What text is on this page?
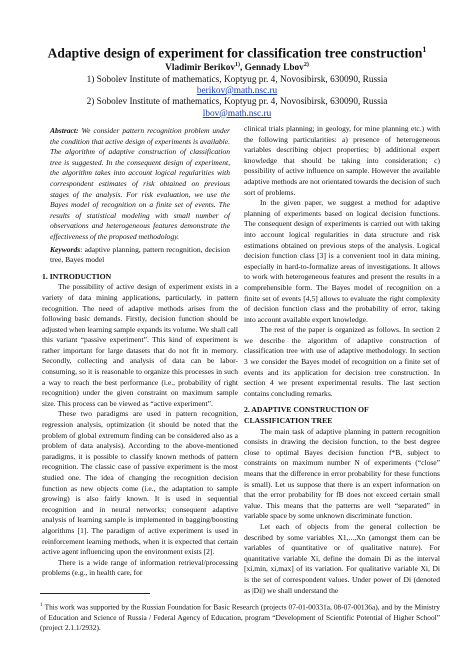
Adaptive design of experiment for classification tree construction$^1$
Vladimir Berikov$^{1)}$, Gennady Lbov$^{2)}$
1) Sobolev Institute of mathematics, Koptyug pr. 4, Novosibirsk, 630090, Russia
berikov@math.nsc.ru
2) Sobolev Institute of mathematics, Koptyug pr. 4, Novosibirsk, 630090, Russia
lbov@math.nsc.ru
Abstract: We consider pattern recognition problem under the condition that active design of experiments is available. The algorithm of adaptive construction of classification tree is suggested. In the consequent design of experiment, the algorithm takes into account logical regularities with correspondent estimates of risk obtained on previous stages of the analysis. For risk evaluation, we use the Bayes model of recognition on a finite set of events. The results of statistical modeling with small number of observations and heterogeneous features demonstrate the effectiveness of the proposed methodology.
Keywords: adaptive planning, pattern recognition, decision tree, Bayes model
1. INTRODUCTION
The possibility of active design of experiment exists in a variety of data mining applications, particularly, in pattern recognition. The need of adaptive methods arises from the following basic demands. Firstly, decision function should be adjusted when learning sample expands its volume. We shall call this variant “passive experiment”. This kind of experiment is rather important for large datasets that do not fit in memory. Secondly, collecting and analysis of data can be labor-consuming, so it is reasonable to organize this processes in such a way to reach the best performance (i.e., probability of right recognition) under the given constraint on maximum sample size. This process can be viewed as “active experiment”.
These two paradigms are used in pattern recognition, regression analysis, optimization (it should be noted that the problem of global extremum finding can be considered also as a problem of data analysis). According to the above-mentioned paradigms, it is possible to classify known methods of pattern recognition. The classic case of passive experiment is the most studied one. The idea of changing the recognition decision function as new objects come (i.e., the adaptation to sample growing) is also fairly known. It is used in sequential recognition and in neural networks; consequent adaptive analysis of learning sample is implemented in bagging/boosting algorithms [1]. The paradigm of active experiment is used in reinforcement learning methods, when it is expected that certain active agent influencing upon the environment exists [2].
There is a wide range of information retrieval/processing problems (e.g., in health care, for
clinical trials planning; in geology, for mine planning etc.) with the following particularities: a) presence of heterogeneous variables describing object properties; b) additional expert knowledge that should be taking into consideration; c) possibility of active influence on sample. However the available adaptive methods are not orientated towards the decision of such sort of problems.
In the given paper, we suggest a method for adaptive planning of experiments based on logical decision functions. The consequent design of experiments is carried out with taking into account logical regularities in data structure and risk estimations obtained on previous steps of the analysis. Logical decision function class [3] is a convenient tool in data mining, especially in hard-to-formalize areas of investigations. It allows to work with heterogeneous features and present the results in a comprehensible form. The Bayes model of recognition on a finite set of events [4,5] allows to evaluate the right complexity of decision function class and the probability of error, taking into account available expert knowledge.
The rest of the paper is organized as follows. In section 2 we describe the algorithm of adaptive construction of classification tree with use of adaptive methodology. In section 3 we consider the Bayes model of recognition on a finite set of events and its application for decision tree construction. In section 4 we present experimental results. The last section contains concluding remarks.
2. ADAPTIVE CONSTRUCTION OF
CLASSIFICATION TREE
The main task of adaptive planning in pattern recognition consists in drawing the decision function, to the best degree close to optimal Bayes decision function f*B, subject to constraints on maximum number N of experiments (“close” means that the difference in error probability for these functions is small). Let us suppose that there is an expert information on that the error probability for fB does not exceed certain small value. This means that the patterns are well “separated” in variable space by some unknown discriminate function.
Let each of objects from the general collection be described by some variables X1,...,Xn (amongst them can be variables of quantitative or of qualitative nature). For quantitative variable Xi, define the domain Di as the interval [xi,min, xi,max] of its variation. For qualitative variable Xi, Di is the set of correspondent values. Under power of Di (denoted as |Di|) we shall understand the
$^1$ This work was supported by the Russian Foundation for Basic Research (projects 07-01-00331a, 08-07-00136a), and by the Ministry of Education and Science of Russia / Federal Agency of Education, program “Development of Scientific Potential of Higher School” (project 2.1.1/2932).
